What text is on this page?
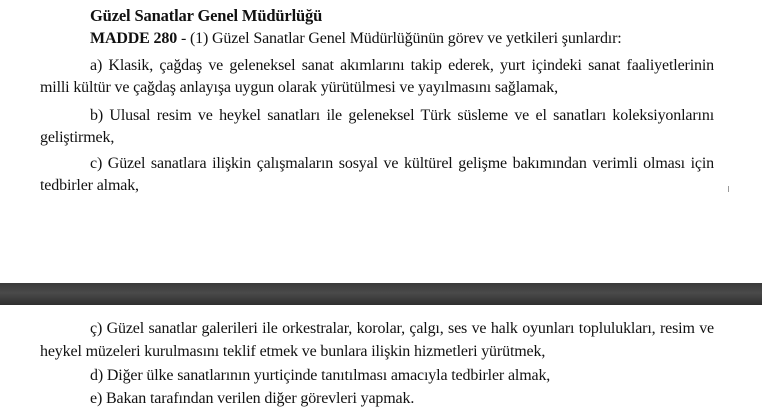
Güzel Sanatlar Genel Müdürlüğü
MADDE 280 - (1) Güzel Sanatlar Genel Müdürlüğünün görev ve yetkileri şunlardır:
a) Klasik, çağdaş ve geleneksel sanat akımlarını takip ederek, yurt içindeki sanat faaliyetlerinin
milli kültür ve çağdaş anlayışa uygun olarak yürütülmesi ve yayılmasını sağlamak,
b) Ulusal resim ve heykel sanatları ile geleneksel Türk süsleme ve el sanatları koleksiyonlarını
geliştirmek,
c) Güzel sanatlara ilişkin çalışmaların sosyal ve kültürel gelişme bakımından verimli olması için
tedbirler almak,
ç) Güzel sanatlar galerileri ile orkestralar, korolar, çalgı, ses ve halk oyunları toplulukları, resim ve
heykel müzeleri kurulmasını teklif etmek ve bunlara ilişkin hizmetleri yürütmek,
d) Diğer ülke sanatlarının yurtiçinde tanıtılması amacıyla tedbirler almak,
e) Bakan tarafından verilen diğer görevleri yapmak.
